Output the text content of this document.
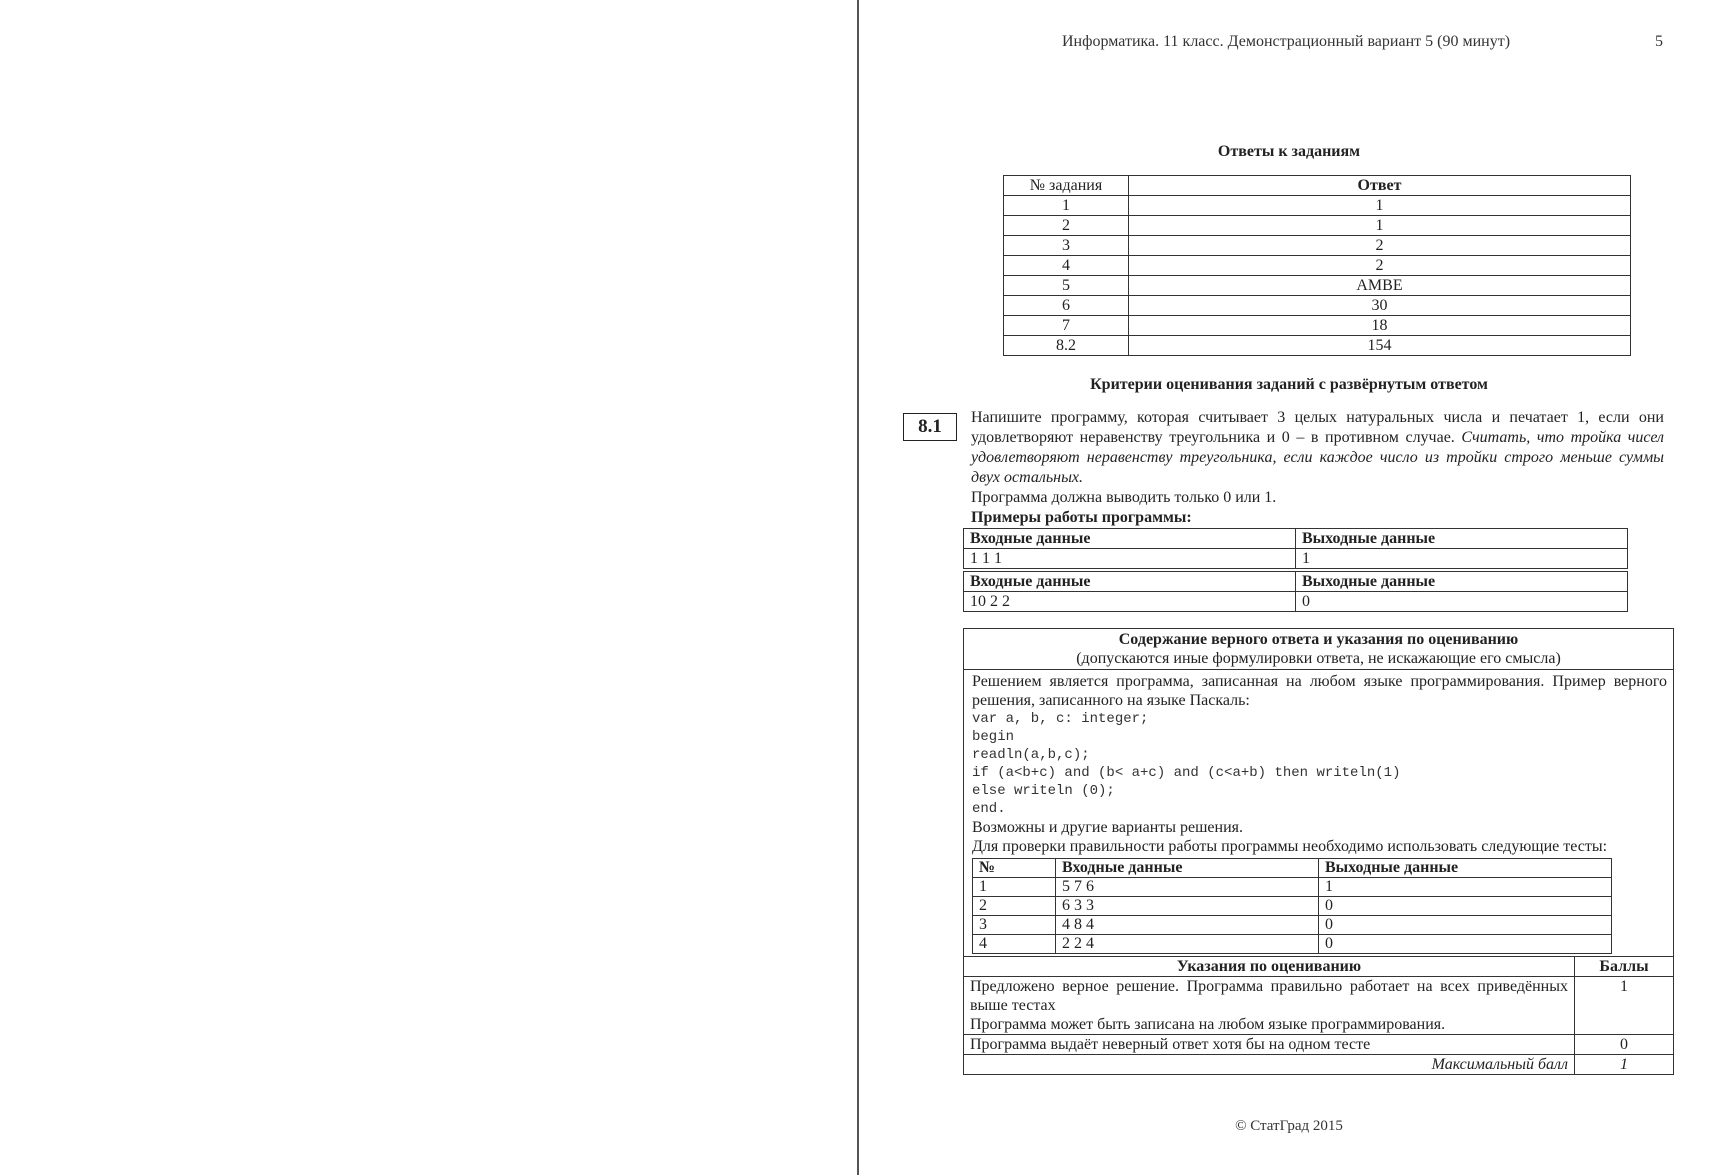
Информатика. 11 класс. Демонстрационный вариант 5 (90 минут)	5
Ответы к заданиям
№ задания	Ответ
1	1
2	1
3	2
4	2
5	AMBE
6	30
7	18
8.2	154
Критерии оценивания заданий с развёрнутым ответом
8.1	Напишите программу, которая считывает 3 целых натуральных числа и печатает 1, если они удовлетворяют неравенству треугольника и 0 – в противном случае. Считать, что тройка чисел удовлетворяют неравенству треугольника, если каждое число из тройки строго меньше суммы двух остальных.
Программа должна выводить только 0 или 1.
Примеры работы программы:
Входные данные	Выходные данные
1 1 1	1

Входные данные	Выходные данные
10 2 2	0
Содержание верного ответа и указания по оцениванию
(допускаются иные формулировки ответа, не искажающие его смысла)
Решением является программа, записанная на любом языке программирования. Пример верного решения, записанного на языке Паскаль:
var a, b, c: integer;
begin
readln(a,b,c);
if (a<b+c) and (b< a+c) and (c<a+b) then writeln(1)
else writeln (0);
end.
Возможны и другие варианты решения.
Для проверки правильности работы программы необходимо использовать следующие тесты:
№	Входные данные	Выходные данные
1	5 7 6	1
2	6 3 3	0
3	4 8 4	0
4	2 2 4	0
Указания по оцениванию	Баллы

Предложено верное решение. Программа правильно работает на всех приведённых выше тестах
Программа может быть записана на любом языке программирования.	1

Программа выдаёт неверный ответ хотя бы на одном тесте	0
Максимальный балл	1
© СтатГрад 2015
